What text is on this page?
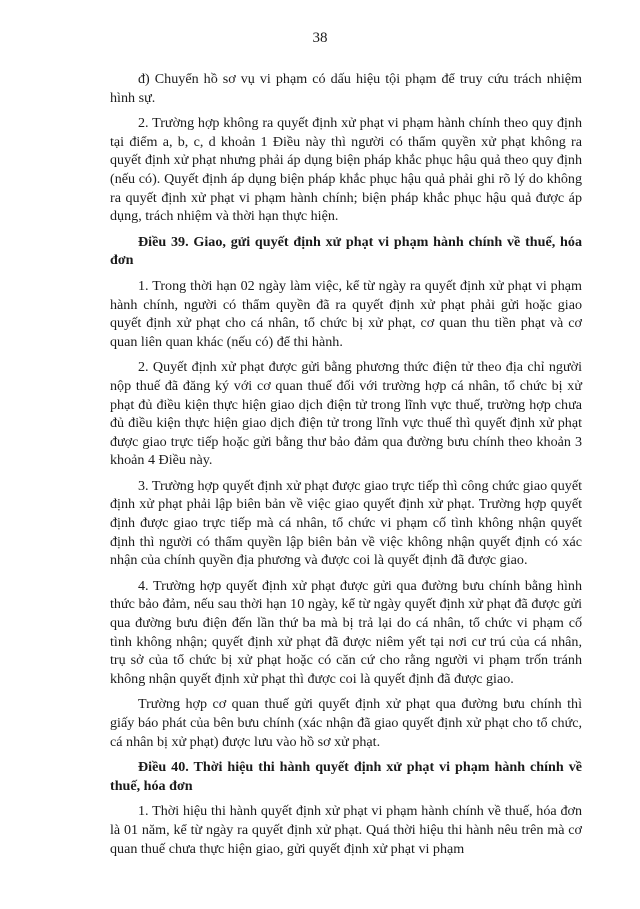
38

đ) Chuyển hồ sơ vụ vi phạm có dấu hiệu tội phạm để truy cứu trách nhiệm hình sự.

2. Trường hợp không ra quyết định xử phạt vi phạm hành chính theo quy định tại điểm a, b, c, d khoản 1 Điều này thì người có thẩm quyền xử phạt không ra quyết định xử phạt nhưng phải áp dụng biện pháp khắc phục hậu quả theo quy định (nếu có). Quyết định áp dụng biện pháp khắc phục hậu quả phải ghi rõ lý do không ra quyết định xử phạt vi phạm hành chính; biện pháp khắc phục hậu quả được áp dụng, trách nhiệm và thời hạn thực hiện.

Điều 39. Giao, gửi quyết định xử phạt vi phạm hành chính về thuế, hóa đơn

1. Trong thời hạn 02 ngày làm việc, kể từ ngày ra quyết định xử phạt vi phạm hành chính, người có thẩm quyền đã ra quyết định xử phạt phải gửi hoặc giao quyết định xử phạt cho cá nhân, tổ chức bị xử phạt, cơ quan thu tiền phạt và cơ quan liên quan khác (nếu có) để thi hành.

2. Quyết định xử phạt được gửi bằng phương thức điện tử theo địa chỉ người nộp thuế đã đăng ký với cơ quan thuế đối với trường hợp cá nhân, tổ chức bị xử phạt đủ điều kiện thực hiện giao dịch điện tử trong lĩnh vực thuế, trường hợp chưa đủ điều kiện thực hiện giao dịch điện tử trong lĩnh vực thuế thì quyết định xử phạt được giao trực tiếp hoặc gửi bằng thư bảo đảm qua đường bưu chính theo khoản 3 khoản 4 Điều này.

3. Trường hợp quyết định xử phạt được giao trực tiếp thì công chức giao quyết định xử phạt phải lập biên bản về việc giao quyết định xử phạt. Trường hợp quyết định được giao trực tiếp mà cá nhân, tổ chức vi phạm cố tình không nhận quyết định thì người có thẩm quyền lập biên bản về việc không nhận quyết định có xác nhận của chính quyền địa phương và được coi là quyết định đã được giao.

4. Trường hợp quyết định xử phạt được gửi qua đường bưu chính bằng hình thức bảo đảm, nếu sau thời hạn 10 ngày, kể từ ngày quyết định xử phạt đã được gửi qua đường bưu điện đến lần thứ ba mà bị trả lại do cá nhân, tổ chức vi phạm cố tình không nhận; quyết định xử phạt đã được niêm yết tại nơi cư trú của cá nhân, trụ sở của tổ chức bị xử phạt hoặc có căn cứ cho rằng người vi phạm trốn tránh không nhận quyết định xử phạt thì được coi là quyết định đã được giao.

Trường hợp cơ quan thuế gửi quyết định xử phạt qua đường bưu chính thì giấy báo phát của bên bưu chính (xác nhận đã giao quyết định xử phạt cho tổ chức, cá nhân bị xử phạt) được lưu vào hồ sơ xử phạt.

Điều 40. Thời hiệu thi hành quyết định xử phạt vi phạm hành chính về thuế, hóa đơn

1. Thời hiệu thi hành quyết định xử phạt vi phạm hành chính về thuế, hóa đơn là 01 năm, kể từ ngày ra quyết định xử phạt. Quá thời hiệu thi hành nêu trên mà cơ quan thuế chưa thực hiện giao, gửi quyết định xử phạt vi phạm
